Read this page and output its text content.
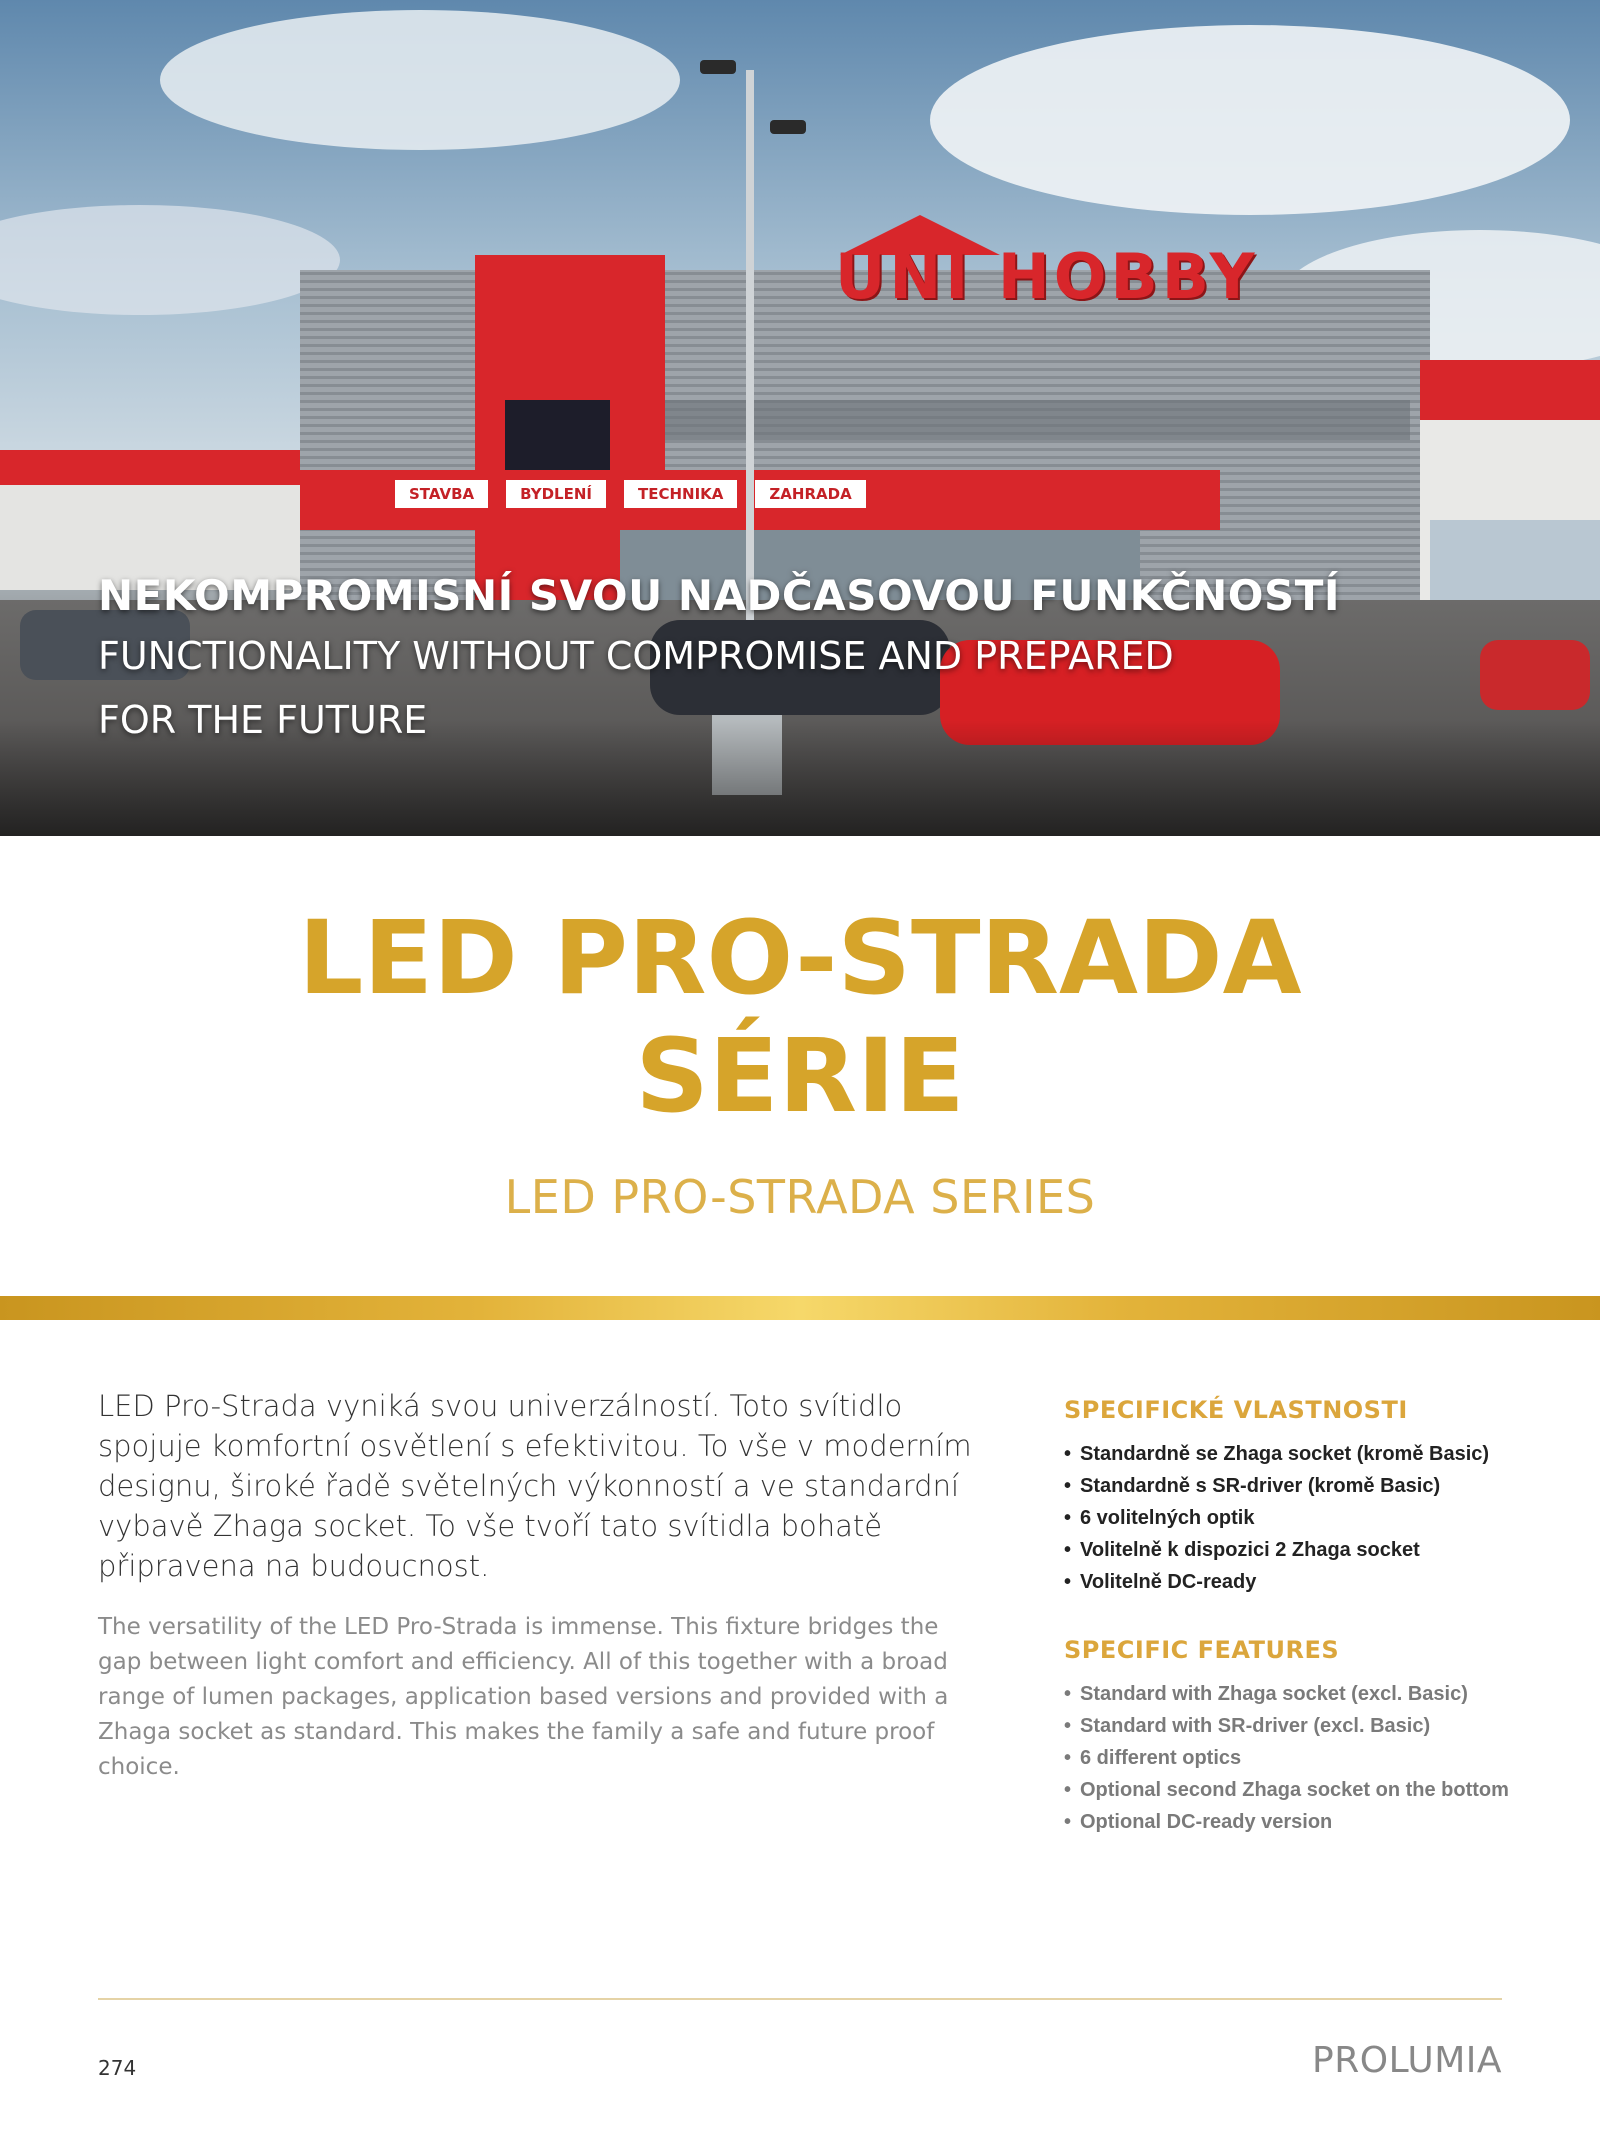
UNI HOBBY
STAVBA	BYDLENÍ	TECHNIKA	ZAHRADA
NEKOMPROMISNÍ SVOU NADČASOVOU FUNKČNOSTÍ
FUNCTIONALITY WITHOUT COMPROMISE AND PREPARED
FOR THE FUTURE
LED PRO-STRADA
SÉRIE
LED PRO-STRADA SERIES
LED Pro-Strada vyniká svou univerzálností. Toto svítidlo spojuje komfortní osvětlení s efektivitou. To vše v moderním designu, široké řadě světelných výkonností a ve standardní vybavě Zhaga socket. To vše tvoří tato svítidla bohatě připravena na budoucnost.
The versatility of the LED Pro-Strada is immense. This fixture bridges the gap between light comfort and efficiency. All of this together with a broad range of lumen packages, application based versions and provided with a Zhaga socket as standard. This makes the family a safe and future proof choice.
SPECIFICKÉ VLASTNOSTI
• Standardně se Zhaga socket (kromě Basic)
• Standardně s SR-driver (kromě Basic)
• 6 volitelných optik
• Volitelně k dispozici 2 Zhaga socket
• Volitelně DC-ready
SPECIFIC FEATURES
• Standard with Zhaga socket (excl. Basic)
• Standard with SR-driver (excl. Basic)
• 6 different optics
• Optional second Zhaga socket on the bottom
• Optional DC-ready version
274	PROLUMIA
